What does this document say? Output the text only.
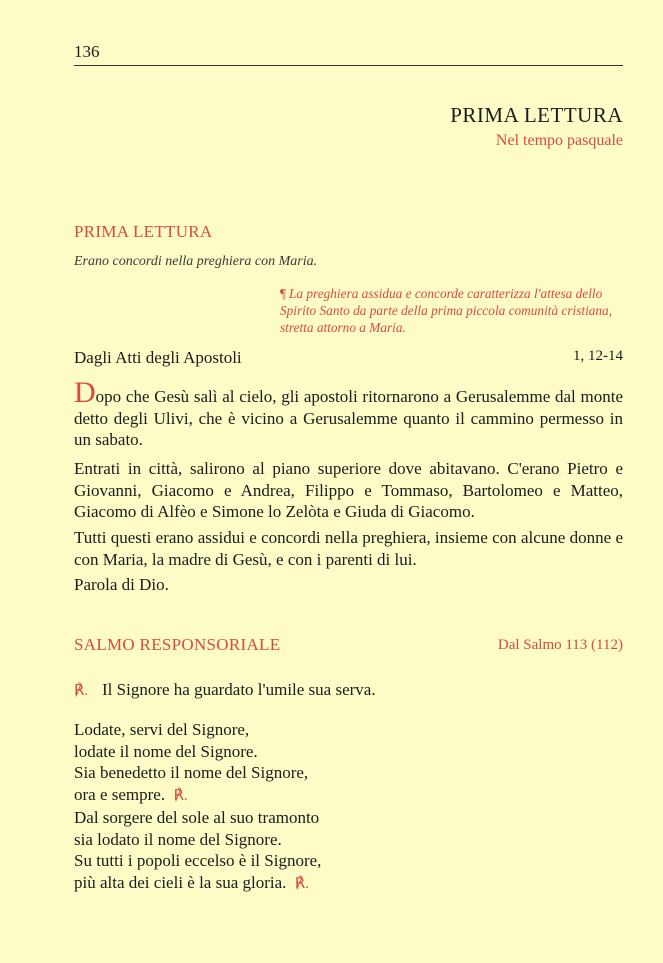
136
PRIMA LETTURA
Nel tempo pasquale
PRIMA LETTURA
Erano concordi nella preghiera con Maria.
¶ La preghiera assidua e concorde caratterizza l'attesa dello Spirito Santo da parte della prima piccola comunità cristiana, stretta attorno a Maria.
Dagli Atti degli Apostoli	1, 12-14

Dopo che Gesù salì al cielo, gli apostoli ritornarono a Gerusalemme dal monte detto degli Ulivi, che è vicino a Gerusalemme quanto il cammino permesso in un sabato.

Entrati in città, salirono al piano superiore dove abitavano. C'erano Pietro e Giovanni, Giacomo e Andrea, Filippo e Tommaso, Bartolomeo e Matteo, Giacomo di Alfèo e Simone lo Zelòta e Giuda di Giacomo.

Tutti questi erano assidui e concordi nella preghiera, insieme con alcune donne e con Maria, la madre di Gesù, e con i parenti di lui.

Parola di Dio.

SALMO RESPONSORIALE	Dal Salmo 113 (112)
℟. Il Signore ha guardato l'umile sua serva.
Lodate, servi del Signore,
lodate il nome del Signore.
Sia benedetto il nome del Signore,
ora e sempre. ℟.
Dal sorgere del sole al suo tramonto
sia lodato il nome del Signore.
Su tutti i popoli eccelso è il Signore,
più alta dei cieli è la sua gloria. ℟.
